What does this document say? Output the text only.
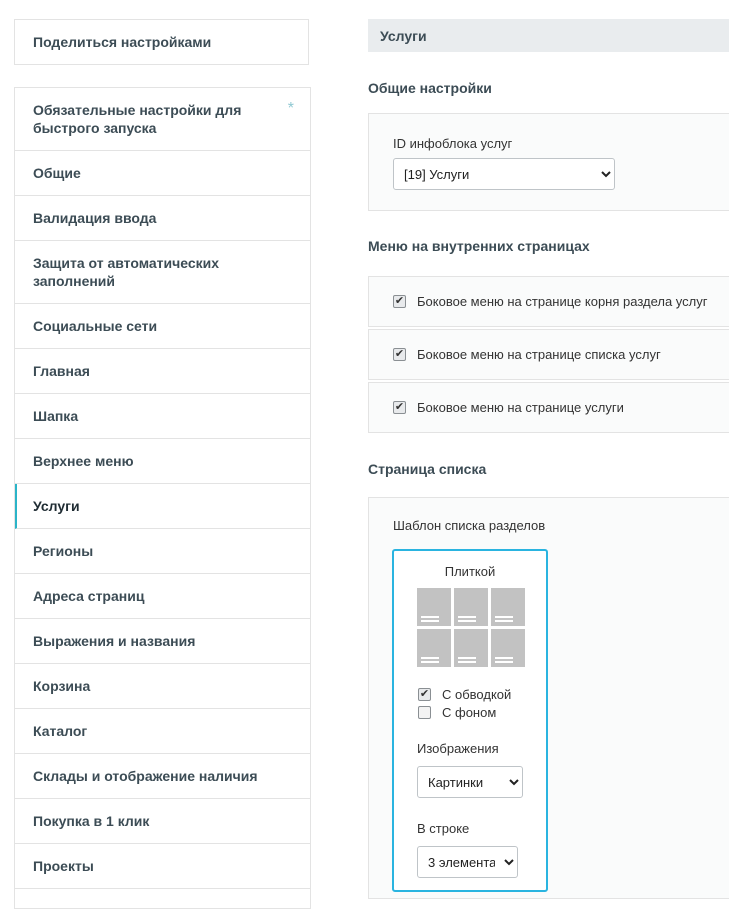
Поделиться настройками
Обязательные настройки для быстрого запуска
*
Общие
Валидация ввода
Защита от автоматических заполнений
Социальные сети
Главная
Шапка
Верхнее меню
Услуги
Регионы
Адреса страниц
Выражения и названия
Корзина
Каталог
Склады и отображение наличия
Покупка в 1 клик
Проекты
Услуги
Общие настройки
ID инфоблока услуг
[19] Услуги
Меню на внутренних страницах
✔ Боковое меню на странице корня раздела услуг
✔ Боковое меню на странице списка услуг
✔ Боковое меню на странице услуги
Страница списка
Шаблон списка разделов
Плиткой
✔ С обводкой
С фоном
Изображения
Картинки
В строке
3 элемента
